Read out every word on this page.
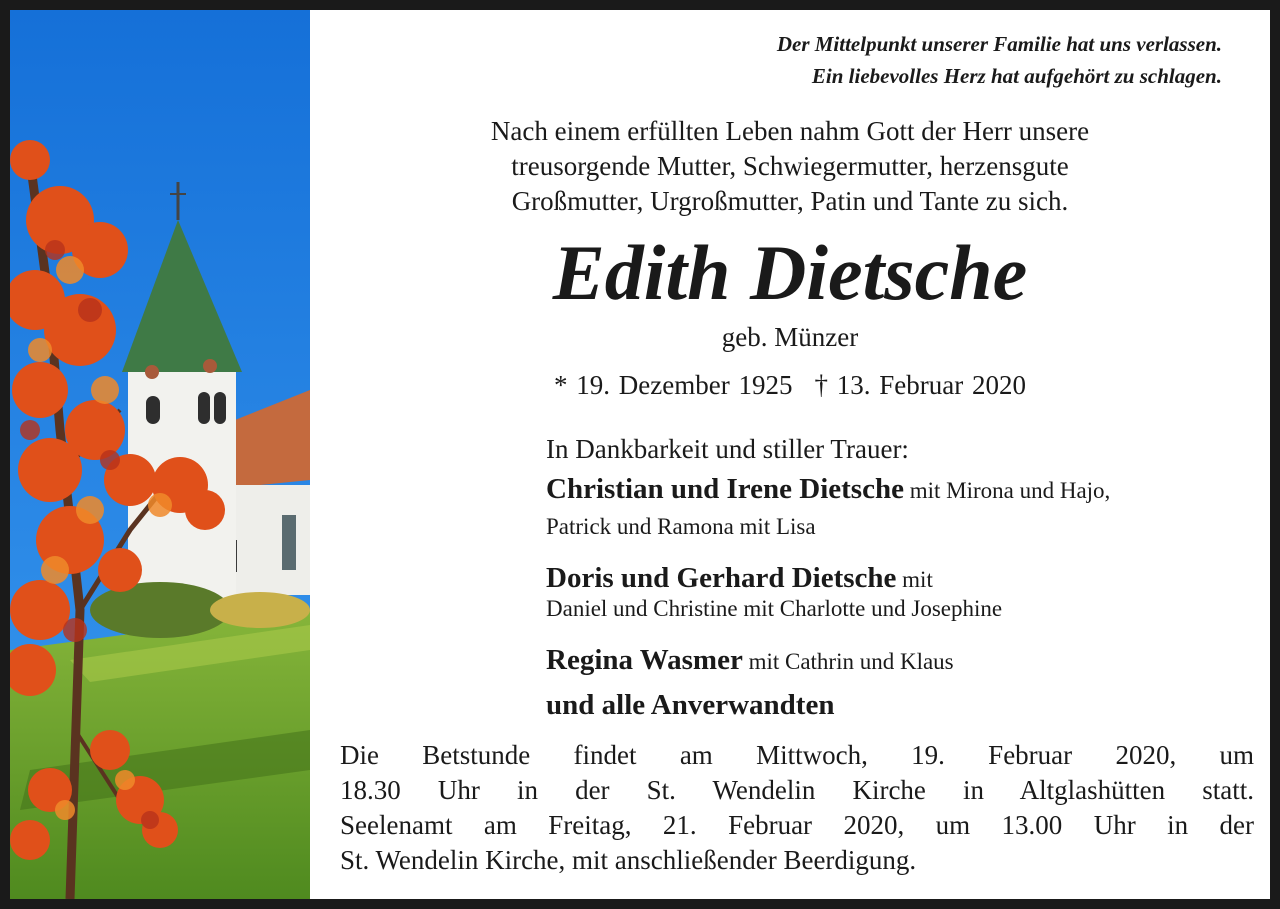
Der Mittelpunkt unserer Familie hat uns verlassen.
Ein liebevolles Herz hat aufgehört zu schlagen.
Nach einem erfüllten Leben nahm Gott der Herr unsere
treusorgende Mutter, Schwiegermutter, herzensgute
Großmutter, Urgroßmutter, Patin und Tante zu sich.
Edith Dietsche
geb. Münzer
* 19. Dezember 1925 † 13. Februar 2020
In Dankbarkeit und stiller Trauer:
Christian und Irene Dietsche mit Mirona und Hajo,
Patrick und Ramona mit Lisa
Doris und Gerhard Dietsche mit
Daniel und Christine mit Charlotte und Josephine
Regina Wasmer mit Cathrin und Klaus
und alle Anverwandten
Die Betstunde findet am Mittwoch, 19. Februar 2020, um
18.30 Uhr in der St. Wendelin Kirche in Altglashütten statt.
Seelenamt am Freitag, 21. Februar 2020, um 13.00 Uhr in der
St. Wendelin Kirche, mit anschließender Beerdigung.
